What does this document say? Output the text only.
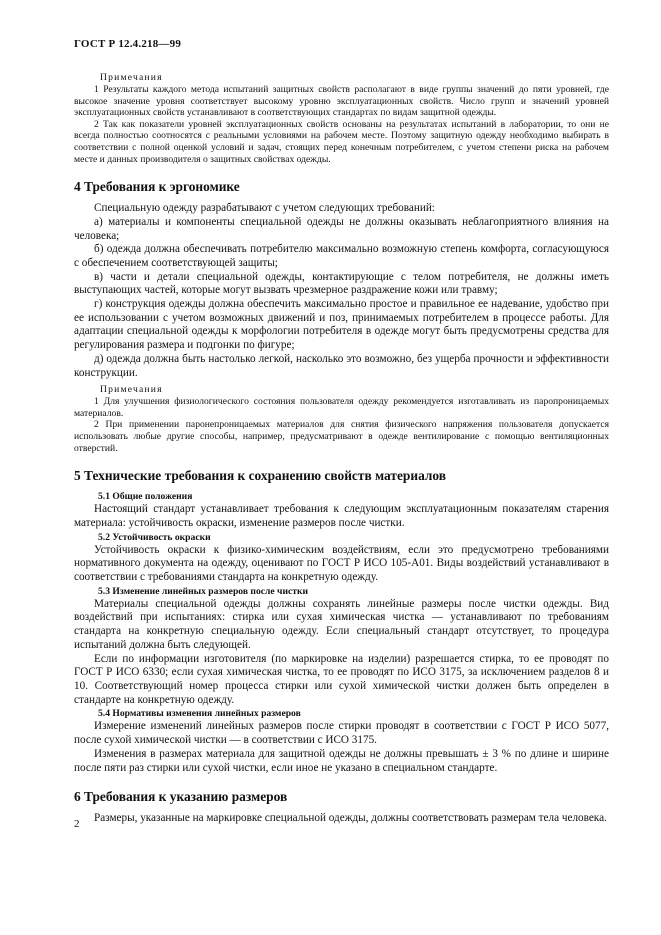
ГОСТ Р 12.4.218—99
Примечания

1 Результаты каждого метода испытаний защитных свойств располагают в виде группы значений до пяти уровней, где высокое значение уровня соответствует высокому уровню эксплуатационных свойств. Число групп и значений уровней эксплуатационных свойств устанавливают в соответствующих стандартах по видам защитной одежды.

2 Так как показатели уровней эксплуатационных свойств основаны на результатах испытаний в лаборатории, то они не всегда полностью соотносятся с реальными условиями на рабочем месте. Поэтому защитную одежду необходимо выбирать в соответствии с полной оценкой условий и задач, стоящих перед конечным потребителем, с учетом степени риска на рабочем месте и данных производителя о защитных свойствах одежды.

4 Требования к эргономике

Специальную одежду разрабатывают с учетом следующих требований:

а) материалы и компоненты специальной одежды не должны оказывать неблагоприятного влияния на человека;

б) одежда должна обеспечивать потребителю максимально возможную степень комфорта, согласующуюся с обеспечением соответствующей защиты;

в) части и детали специальной одежды, контактирующие с телом потребителя, не должны иметь выступающих частей, которые могут вызвать чрезмерное раздражение кожи или травму;

г) конструкция одежды должна обеспечить максимально простое и правильное ее надевание, удобство при ее использовании с учетом возможных движений и поз, принимаемых потребителем в процессе работы. Для адаптации специальной одежды к морфологии потребителя в одежде могут быть предусмотрены средства для регулирования размера и подгонки по фигуре;

д) одежда должна быть настолько легкой, насколько это возможно, без ущерба прочности и эффективности конструкции.

Примечания

1 Для улучшения физиологического состояния пользователя одежду рекомендуется изготавливать из паропроницаемых материалов.

2 При применении паронепроницаемых материалов для снятия физического напряжения пользователя допускается использовать любые другие способы, например, предусматривают в одежде вентилирование с помощью вентиляционных отверстий.

5 Технические требования к сохранению свойств материалов
5.1 Общие положения

Настоящий стандарт устанавливает требования к следующим эксплуатационным показателям старения материала: устойчивость окраски, изменение размеров после чистки.

5.2 Устойчивость окраски

Устойчивость окраски к физико-химическим воздействиям, если это предусмотрено требованиями нормативного документа на одежду, оценивают по ГОСТ Р ИСО 105-А01. Виды воздействий устанавливают в соответствии с требованиями стандарта на конкретную одежду.

5.3 Изменение линейных размеров после чистки

Материалы специальной одежды должны сохранять линейные размеры после чистки одежды. Вид воздействий при испытаниях: стирка или сухая химическая чистка — устанавливают по требованиям стандарта на конкретную специальную одежду. Если специальный стандарт отсутствует, то процедура испытаний должна быть следующей.

Если по информации изготовителя (по маркировке на изделии) разрешается стирка, то ее проводят по ГОСТ Р ИСО 6330; если сухая химическая чистка, то ее проводят по ИСО 3175, за исключением разделов 8 и 10. Соответствующий номер процесса стирки или сухой химической чистки должен быть определен в стандарте на конкретную одежду.

5.4 Нормативы изменения линейных размеров

Измерение изменений линейных размеров после стирки проводят в соответствии с ГОСТ Р ИСО 5077, после сухой химической чистки — в соответствии с ИСО 3175.

Изменения в размерах материала для защитной одежды не должны превышать ± 3 % по длине и ширине после пяти раз стирки или сухой чистки, если иное не указано в специальном стандарте.

6 Требования к указанию размеров

Размеры, указанные на маркировке специальной одежды, должны соответствовать размерам тела человека.

2
